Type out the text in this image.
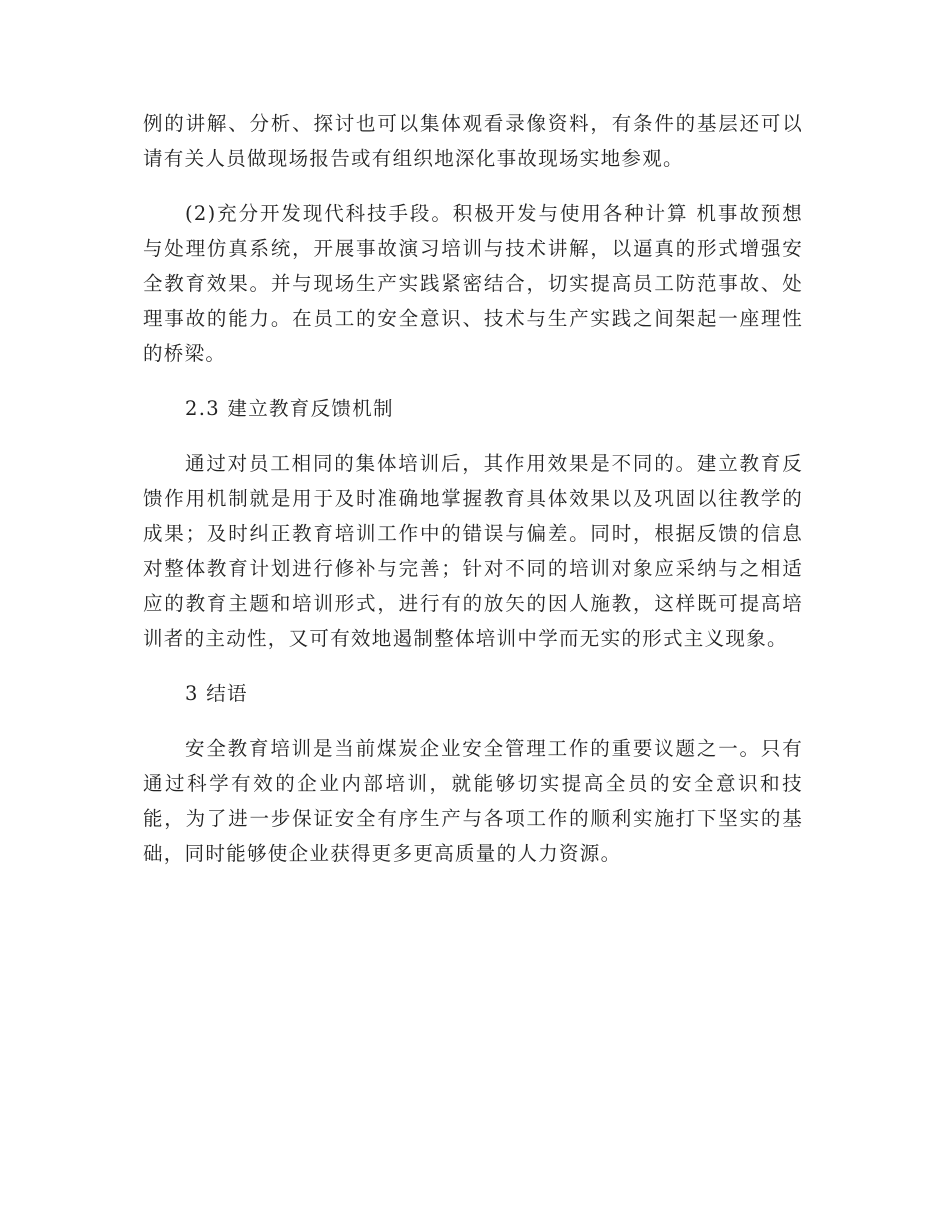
例的讲解、分析、探讨也可以集体观看录像资料，有条件的基层还可以请有关人员做现场报告或有组织地深化事故现场实地参观。

(2)充分开发现代科技手段。积极开发与使用各种计算 机事故预想与处理仿真系统，开展事故演习培训与技术讲解，以逼真的形式增强安全教育效果。并与现场生产实践紧密结合，切实提高员工防范事故、处理事故的能力。在员工的安全意识、技术与生产实践之间架起一座理性的桥梁。

2.3 建立教育反馈机制

通过对员工相同的集体培训后，其作用效果是不同的。建立教育反馈作用机制就是用于及时准确地掌握教育具体效果以及巩固以往教学的成果；及时纠正教育培训工作中的错误与偏差。同时，根据反馈的信息对整体教育计划进行修补与完善；针对不同的培训对象应采纳与之相适应的教育主题和培训形式，进行有的放矢的因人施教，这样既可提高培训者的主动性，又可有效地遏制整体培训中学而无实的形式主义现象。

3 结语

安全教育培训是当前煤炭企业安全管理工作的重要议题之一。只有通过科学有效的企业内部培训，就能够切实提高全员的安全意识和技能，为了进一步保证安全有序生产与各项工作的顺利实施打下坚实的基础，同时能够使企业获得更多更高质量的人力资源。
